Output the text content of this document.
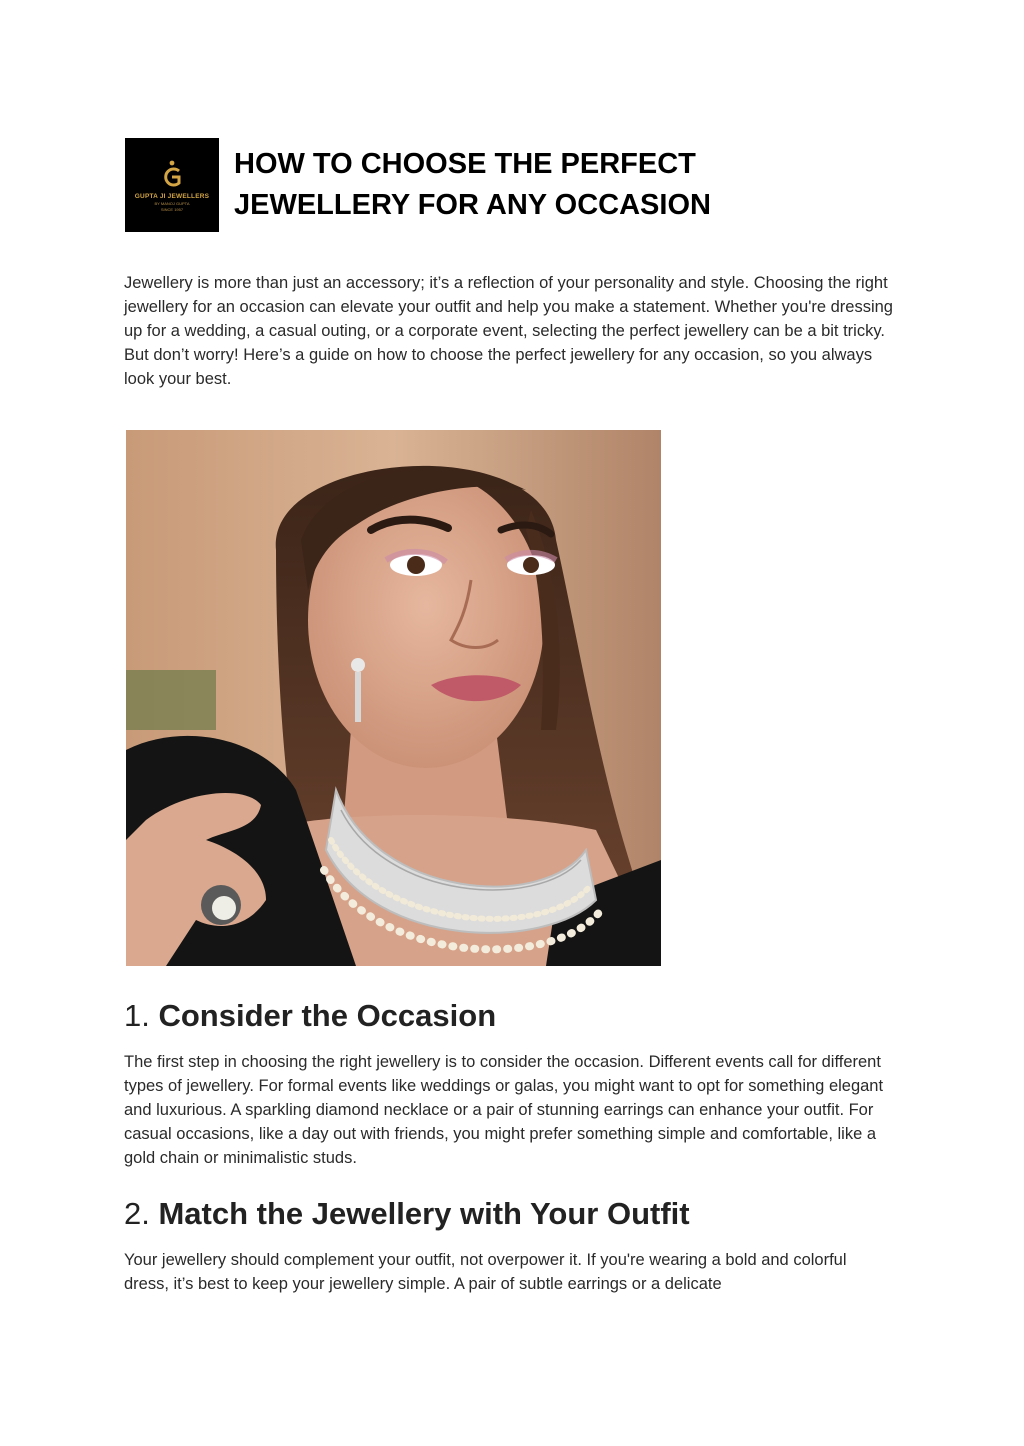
GUPTA JI JEWELLERS
BY MANOJ GUPTA
SINCE 1957
HOW TO CHOOSE THE PERFECT JEWELLERY FOR ANY OCCASION

Jewellery is more than just an accessory; it’s a reflection of your personality and style. Choosing the right jewellery for an occasion can elevate your outfit and help you make a statement. Whether you're dressing up for a wedding, a casual outing, or a corporate event, selecting the perfect jewellery can be a bit tricky. But don’t worry! Here’s a guide on how to choose the perfect jewellery for any occasion, so you always look your best.

1. Consider the Occasion

The first step in choosing the right jewellery is to consider the occasion. Different events call for different types of jewellery. For formal events like weddings or galas, you might want to opt for something elegant and luxurious. A sparkling diamond necklace or a pair of stunning earrings can enhance your outfit. For casual occasions, like a day out with friends, you might prefer something simple and comfortable, like a gold chain or minimalistic studs.

2. Match the Jewellery with Your Outfit

Your jewellery should complement your outfit, not overpower it. If you're wearing a bold and colorful dress, it’s best to keep your jewellery simple. A pair of subtle earrings or a delicate
